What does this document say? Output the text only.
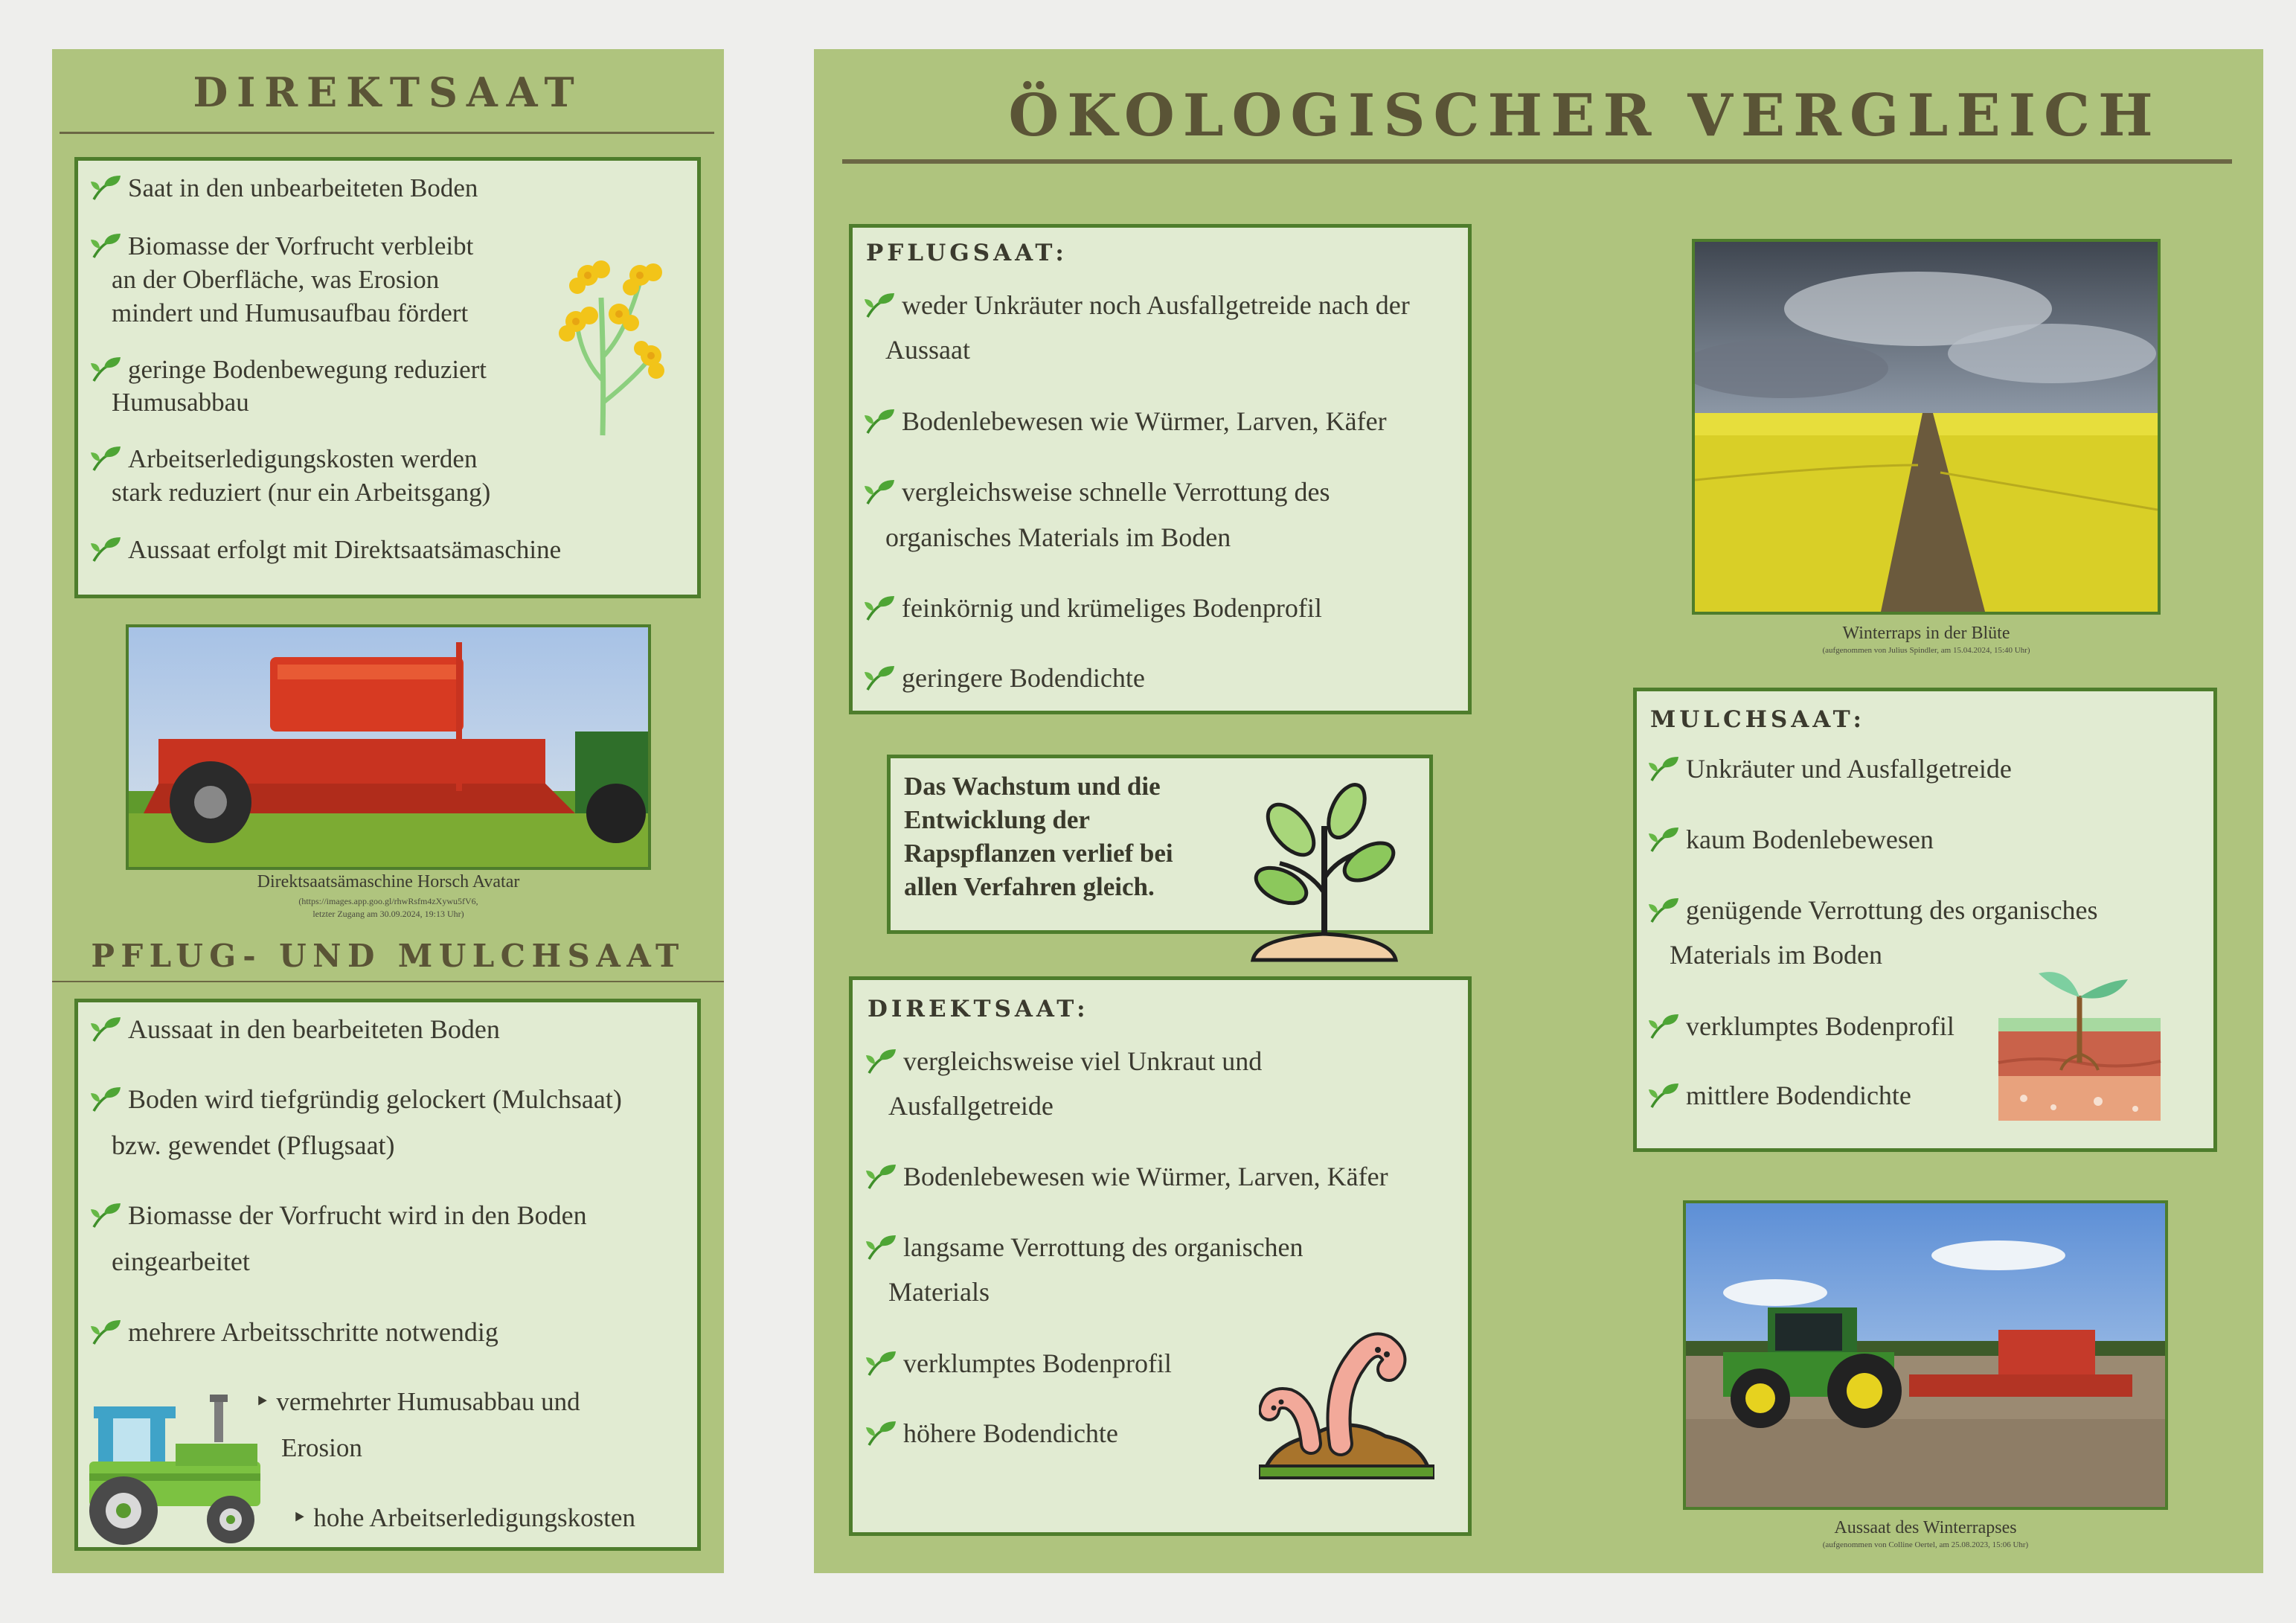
DIREKTSAAT
Saat in den unbearbeiteten Boden
Biomasse der Vorfrucht verbleibt
an der Oberfläche, was Erosion
mindert und Humusaufbau fördert
geringe Bodenbewegung reduziert
Humusabbau
Arbeitserledigungskosten werden
stark reduziert (nur ein Arbeitsgang)
Aussaat erfolgt mit Direktsaatsämaschine
Direktsaatsämaschine Horsch Avatar
(https://images.app.goo.gl/rhwRsfm4zXywu5fV6,
letzter Zugang am 30.09.2024, 19:13 Uhr)
PFLUG- UND MULCHSAAT
Aussaat in den bearbeiteten Boden
Boden wird tiefgründig gelockert (Mulchsaat)
bzw. gewendet (Pflugsaat)
Biomasse der Vorfrucht wird in den Boden
eingearbeitet
mehrere Arbeitsschritte notwendig
‣ vermehrter Humusabbau und
Erosion
‣ hohe Arbeitserledigungskosten
ÖKOLOGISCHER VERGLEICH
PFLUGSAAT:
weder Unkräuter noch Ausfallgetreide nach der
Aussaat
Bodenlebewesen wie Würmer, Larven, Käfer
vergleichsweise schnelle Verrottung des
organisches Materials im Boden
feinkörnig und krümeliges Bodenprofil
geringere Bodendichte
Das Wachstum und die
Entwicklung der
Rapspflanzen verlief bei
allen Verfahren gleich.
DIREKTSAAT:
vergleichsweise viel Unkraut und
Ausfallgetreide
Bodenlebewesen wie Würmer, Larven, Käfer
langsame Verrottung des organischen
Materials
verklumptes Bodenprofil
höhere Bodendichte
Winterraps in der Blüte
(aufgenommen von Julius Spindler, am 15.04.2024, 15:40 Uhr)
MULCHSAAT:
Unkräuter und Ausfallgetreide
kaum Bodenlebewesen
genügende Verrottung des organisches
Materials im Boden
verklumptes Bodenprofil
mittlere Bodendichte
Aussaat des Winterrapses
(aufgenommen von Colline Oertel, am 25.08.2023, 15:06 Uhr)
